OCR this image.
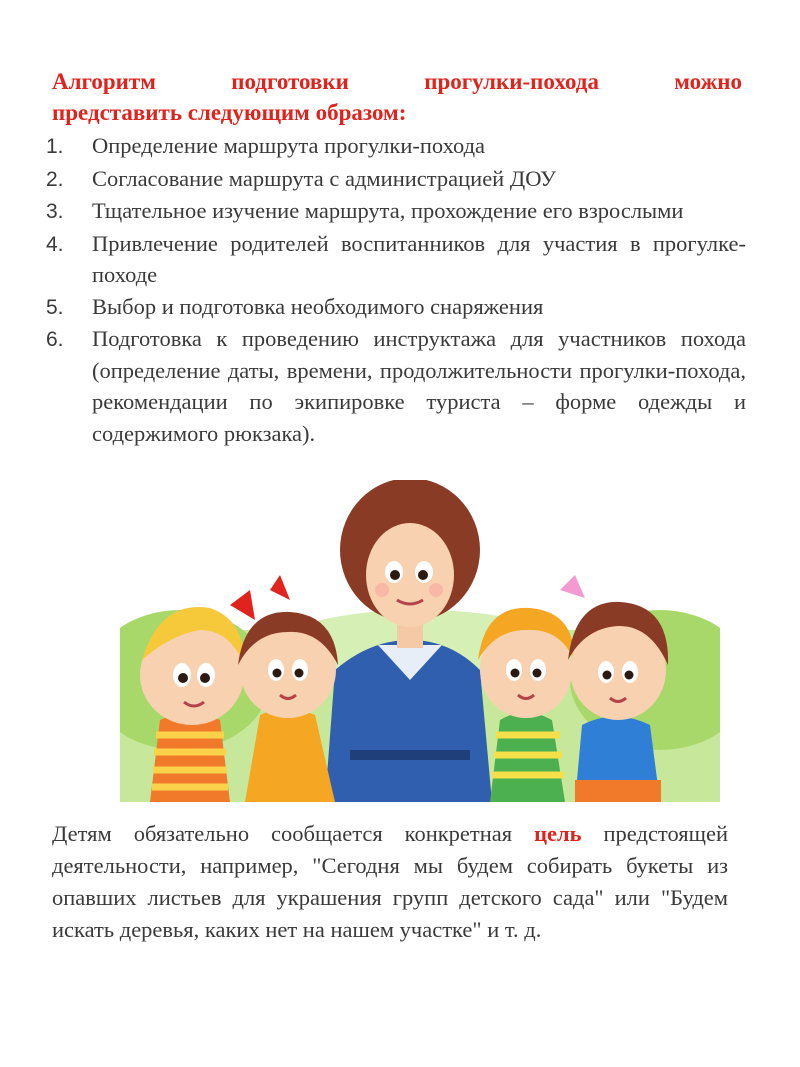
Алгоритм подготовки прогулки-похода можно
представить следующим образом:
1.	Определение маршрута прогулки-похода
2.	Согласование маршрута с администрацией ДОУ
3.	Тщательное изучение маршрута, прохождение его взрослыми
4.	Привлечение родителей воспитанников для участия в прогулке-походе
5.	Выбор и подготовка необходимого снаряжения
6.	Подготовка к проведению инструктажа для участников похода (определение даты, времени, продолжительности прогулки-похода, рекомендации по экипировке туриста – форме одежды и содержимого рюкзака).
Детям обязательно сообщается конкретная цель предстоящей деятельности, например, "Сегодня мы будем собирать букеты из опавших листьев для украшения групп детского сада" или "Будем искать деревья, каких нет на нашем участке" и т. д.
